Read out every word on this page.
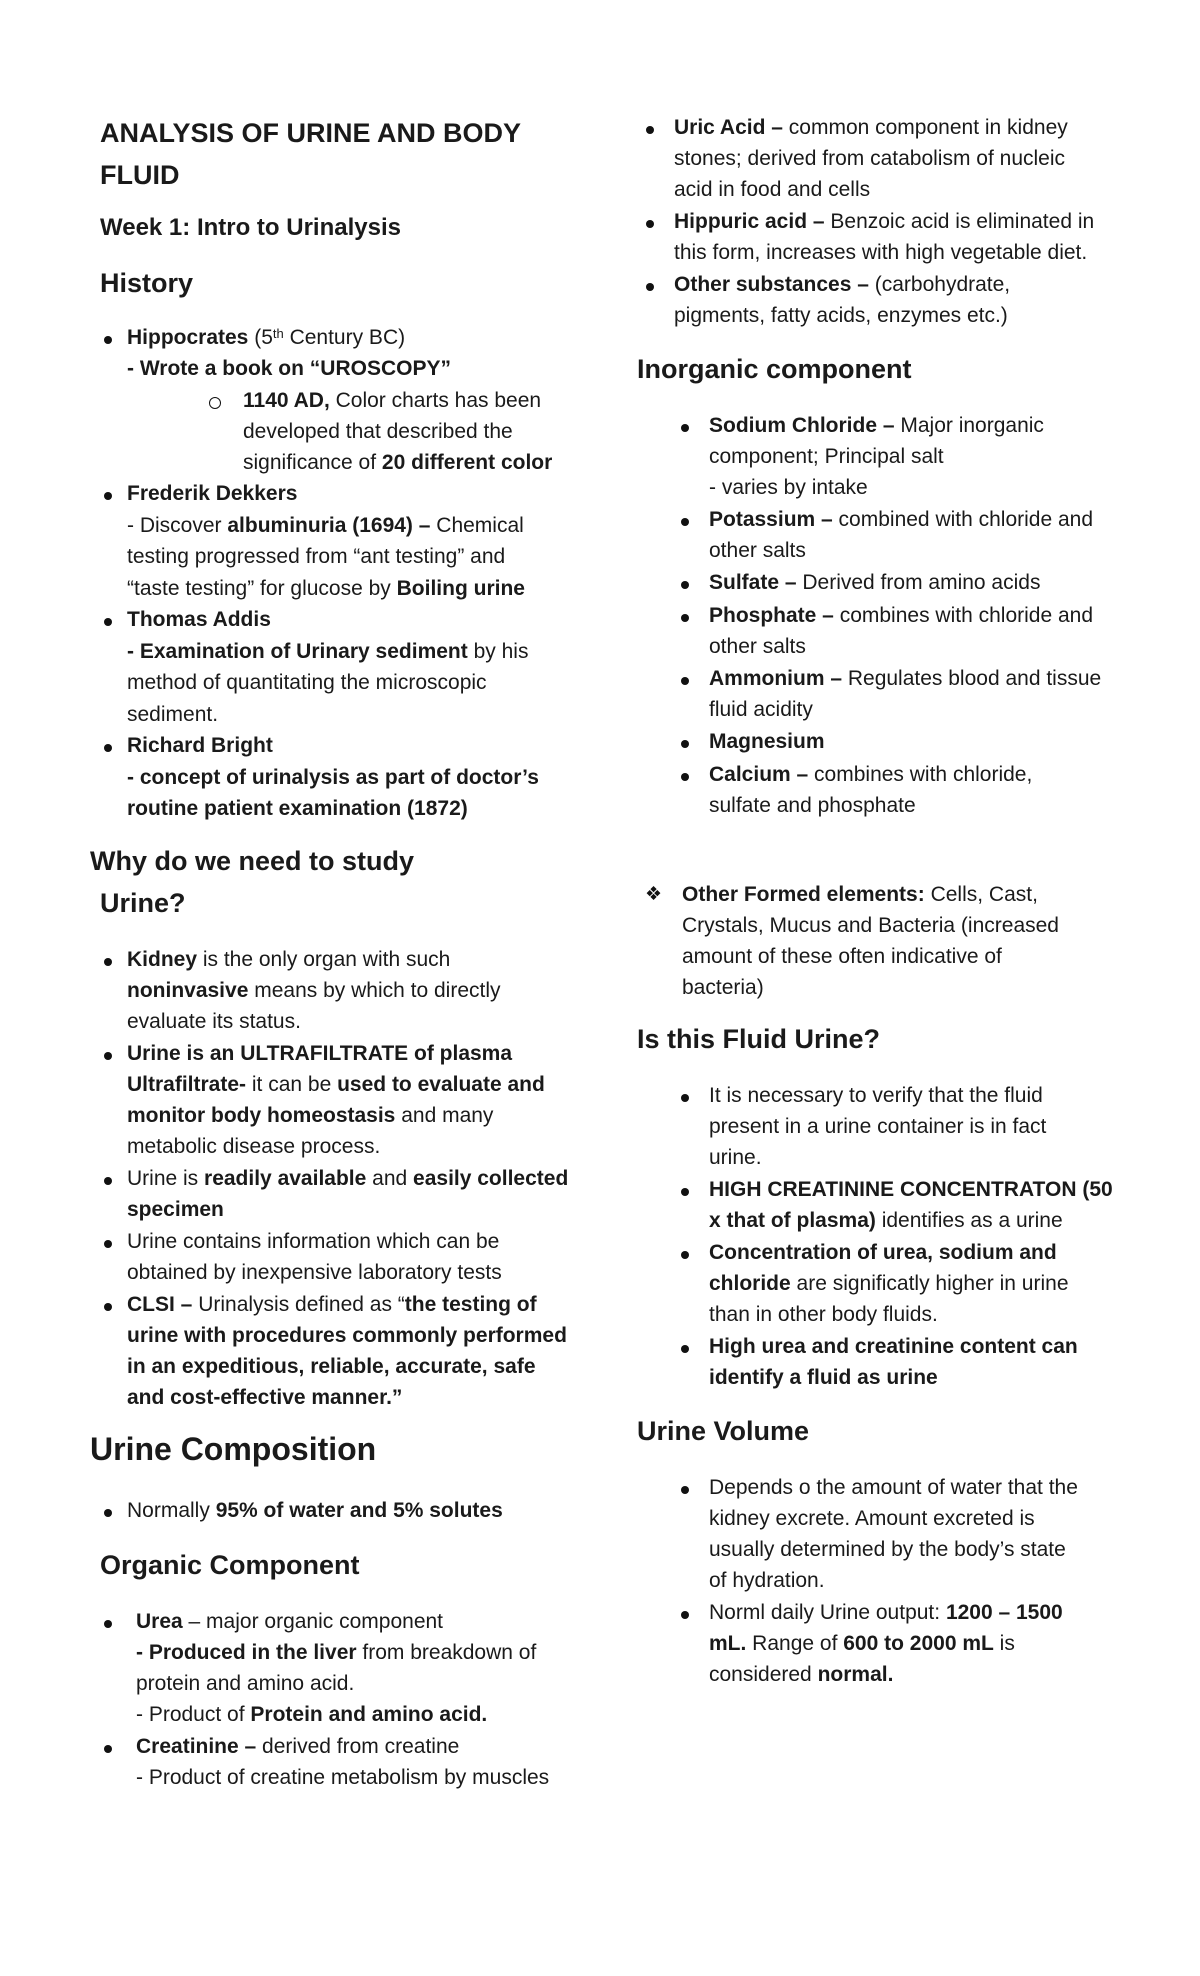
ANALYSIS OF URINE AND BODY

FLUID

Week 1: Intro to Urinalysis

History

Hippocrates (5th Century BC)

- Wrote a book on “UROSCOPY”

1140 AD, Color charts has been

developed that described the

significance of 20 different color

Frederik Dekkers

- Discover albuminuria (1694) – Chemical

testing progressed from “ant testing” and

“taste testing” for glucose by Boiling urine

Thomas Addis

- Examination of Urinary sediment by his

method of quantitating the microscopic

sediment.

Richard Bright

- concept of urinalysis as part of doctor’s

routine patient examination (1872)

Why do we need to study

Urine?

Kidney is the only organ with such

noninvasive means by which to directly

evaluate its status.

Urine is an ULTRAFILTRATE of plasma

Ultrafiltrate- it can be used to evaluate and

monitor body homeostasis and many

metabolic disease process.

Urine is readily available and easily collected

specimen

Urine contains information which can be

obtained by inexpensive laboratory tests

CLSI – Urinalysis defined as “the testing of

urine with procedures commonly performed

in an expeditious, reliable, accurate, safe

and cost-effective manner.”

Urine Composition

Normally 95% of water and 5% solutes

Organic Component

Urea – major organic component

- Produced in the liver from breakdown of

protein and amino acid.

- Product of Protein and amino acid.

Creatinine – derived from creatine

- Product of creatine metabolism by muscles

Uric Acid – common component in kidney

stones; derived from catabolism of nucleic

acid in food and cells

Hippuric acid – Benzoic acid is eliminated in

this form, increases with high vegetable diet.

Other substances – (carbohydrate,

pigments, fatty acids, enzymes etc.)

Inorganic component

Sodium Chloride – Major inorganic

component; Principal salt

- varies by intake

Potassium – combined with chloride and

other salts

Sulfate – Derived from amino acids

Phosphate – combines with chloride and

other salts

Ammonium – Regulates blood and tissue

fluid acidity

Magnesium

Calcium – combines with chloride,

sulfate and phosphate

❖ Other Formed elements: Cells, Cast,

Crystals, Mucus and Bacteria (increased

amount of these often indicative of

bacteria)

Is this Fluid Urine?

It is necessary to verify that the fluid

present in a urine container is in fact

urine.

HIGH CREATININE CONCENTRATON (50

x that of plasma) identifies as a urine

Concentration of urea, sodium and

chloride are significatly higher in urine

than in other body fluids.

High urea and creatinine content can

identify a fluid as urine

Urine Volume

Depends o the amount of water that the

kidney excrete. Amount excreted is

usually determined by the body’s state

of hydration.

Norml daily Urine output: 1200 – 1500

mL. Range of 600 to 2000 mL is

considered normal.
